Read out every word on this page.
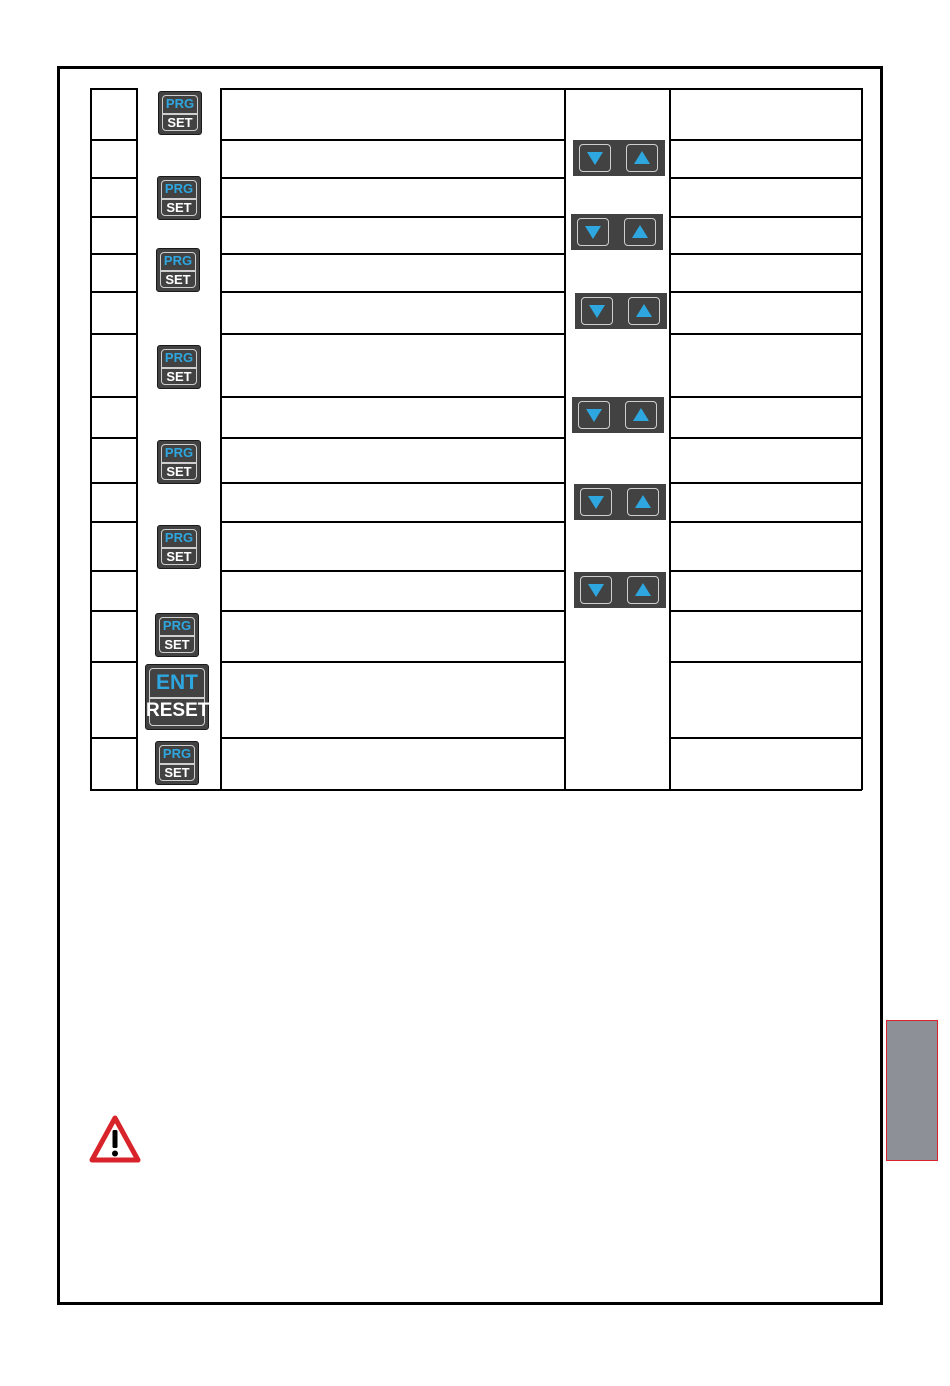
PRG
SET
PRG
SET
PRG
SET
PRG
SET
PRG
SET
PRG
SET
PRG
SET
ENT
RESET
PRG
SET
